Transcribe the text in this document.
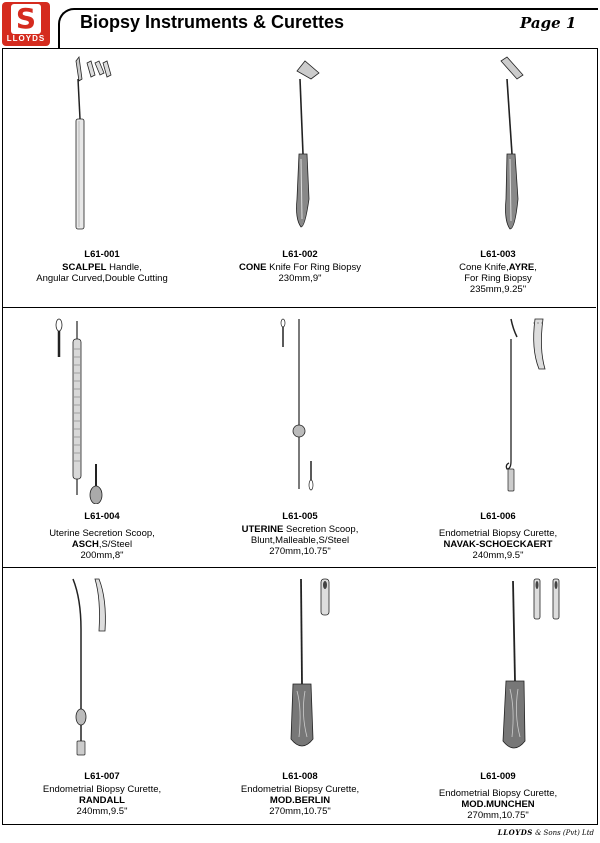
S
LLOYDS
Biopsy Instruments & Curettes	Page 1
L61-001
SCALPEL Handle,
Angular Curved,Double Cutting
L61-002
CONE Knife For Ring Biopsy
230mm,9"
L61-003
Cone Knife,AYRE,
For Ring Biopsy
235mm,9.25"
L61-004
Uterine Secretion Scoop,
ASCH,S/Steel
200mm,8"
L61-005
UTERINE Secretion Scoop,
Blunt,Malleable,S/Steel
270mm,10.75"
L61-006
Endometrial Biopsy Curette,
NAVAK-SCHOECKAERT
240mm,9.5"
L61-007
Endometrial Biopsy Curette,
RANDALL
240mm,9.5"
L61-008
Endometrial Biopsy Curette,
MOD.BERLIN
270mm,10.75"
L61-009
Endometrial Biopsy Curette,
MOD.MUNCHEN
270mm,10.75"
LLOYDS & Sons (Pvt) Ltd
